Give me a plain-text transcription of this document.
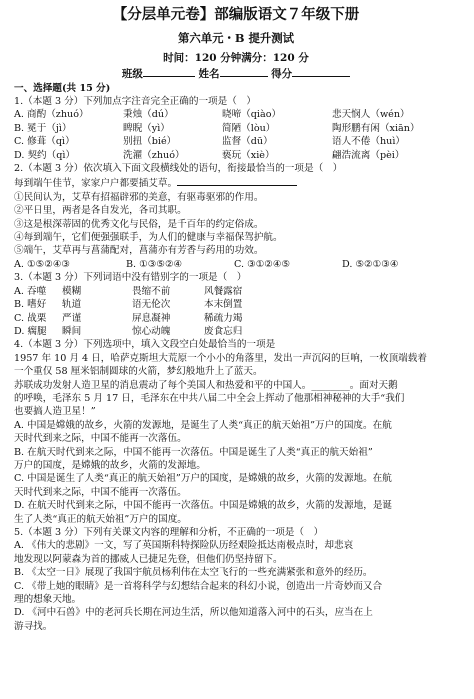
【分层单元卷】部编版语文７年级下册
第六单元・B 提升测试
时间：120 分钟满分：120 分
班级	姓名	得分
一、选择题(共 15 分)
1.（本题 3 分）下列加点字注音完全正确的一项是（　）
A. 商酌（zhuó）	秉烛（dú）	晓啼（qiào）	悲天悯人（wén）
B. 冕于（jì）	睥睨（yì）	简陋（lòu）	陶形鹏有闲（xiān）
C. 修葺（qì）	别扭（bié）	监督（dū）	语人不倦（huì）
D. 契约（qì）	洗濯（zhuó）	亵玩（xiè）	翩浩流离（pèi）
2.（本题 3 分）依次填入下面文段横线处的语句，衔接最恰当的一项是（　）
每到端午佳节，家家户户都要插艾草。
①民间认为，艾草有招福辟邪的美意，有驱毒驱邪的作用。
②平日里，两者是各自发光，各司其职。
③这是根深蒂固的优秀文化与民俗，是千百年的约定俗成。
④每到端午，它们便强强联手，为人们的健康与幸福保驾护航。
⑤端午，艾草再与菖蒲配对，菖蒲亦有芳香与药用的功效。
A. ①⑤②④③	B. ①③⑤②④	C. ③①②④⑤	D. ⑤②①③④
3.（本题 3 分）下列词语中没有错别字的一项是（　）
A. 吞噬	模糊	畏缩不前	风餐露宿
B. 嗜好	轨道	语无伦次	本末倒置
C. 战栗	严谨	屏息凝神	稀疏力竭
D. 瘸腿	瞬间	惊心动魄	废食忘归
4.（本题 3 分）下列选项中，填入文段空白处最恰当的一项是
1957 年 10 月 4 日，哈萨克斯坦大荒原一个小小的角落里，发出一声沉闷的巨响，一枚顶端载着
一个重仅 58 厘米铝制圆球的火箭，梦幻般地升上了蓝天。
苏联成功发射人造卫星的消息震动了每个美国人和热爱和平的中国人。________。面对天鹅
的呼唤，毛泽东 5 月 17 日，毛泽东在中共八届二中全会上挥动了他那相神秘神的大手“我们
也要搞人造卫星！”
A. 中国是嫦娥的故乡，火箭的发源地，是诞生了人类“真正的航天始祖”万户的国度。在航
天时代到来之际，中国不能再一次落伍。
B. 在航天时代到来之际，中国不能再一次落伍。中国是诞生了人类“真正的航天始祖”
万户的国度，是嫦娥的故乡，火箭的发源地。
C. 中国是诞生了人类“真正的航天始祖”万户的国度，是嫦娥的故乡，火箭的发源地。在航
天时代到来之际，中国不能再一次落伍。
D. 在航天时代到来之际，中国不能再一次落伍。中国是嫦娥的故乡，火箭的发源地，是诞
生了人类“真正的航天始祖”万户的国度。
5.（本题 3 分）下列有关课文内容的理解和分析，不正确的一项是（　）
A. 《伟大的悲剧》一文，写了英国斯科特探险队历经艰险抵达南极点时，却悲哀
地发现以阿蒙森为首的挪威人已捷足先登，但他们仍坚持留下。
B. 《太空一日》展现了我国宇航员杨利伟在太空飞行的一些充满紧张和意外的经历。
C. 《带上她的眼睛》是一首将科学与幻想结合起来的科幻小说，创造出一片奇妙而又合
理的想象天地。
D. 《河中石兽》中的老河兵长期在河边生活，所以他知道落入河中的石头，应当在上
游寻找。
